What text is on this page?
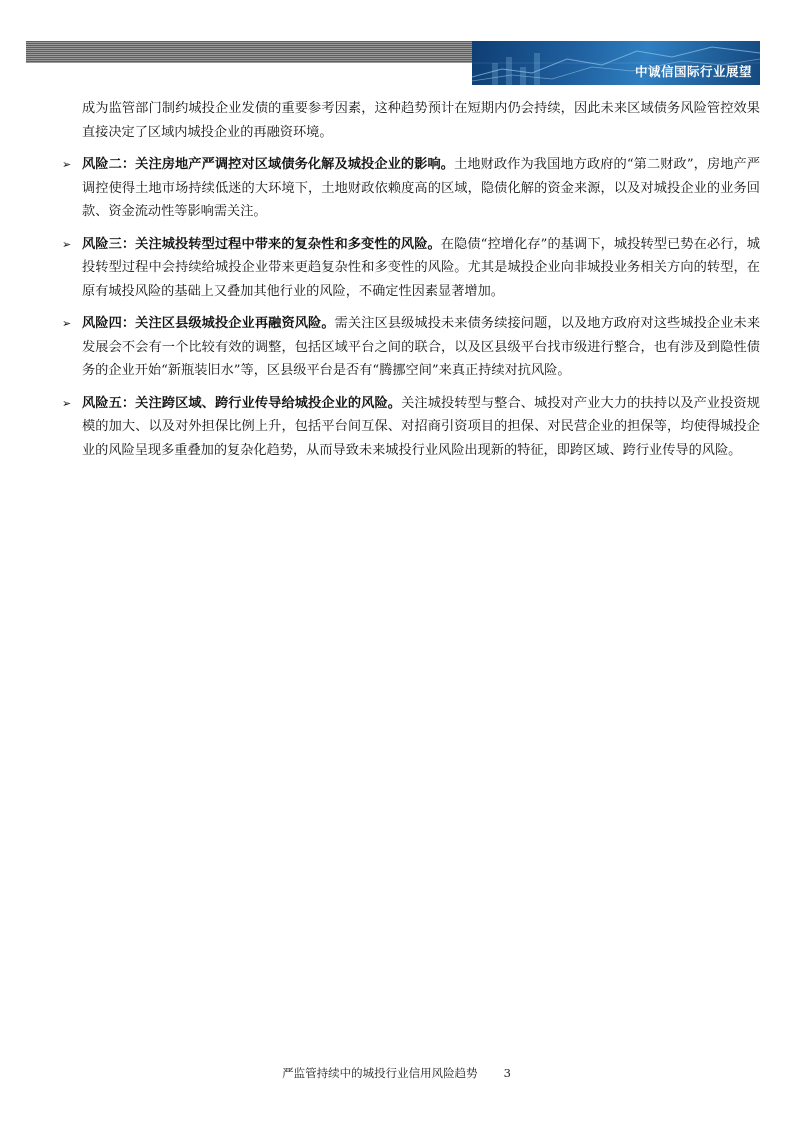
中诚信国际行业展望

成为监管部门制约城投企业发债的重要参考因素，这种趋势预计在短期内仍会持续，因此未来区域债务风险管控效果直接决定了区域内城投企业的再融资环境。

➢ 风险二：关注房地产严调控对区域债务化解及城投企业的影响。土地财政作为我国地方政府的“第二财政”，房地产严调控使得土地市场持续低迷的大环境下，土地财政依赖度高的区域，隐债化解的资金来源，以及对城投企业的业务回款、资金流动性等影响需关注。
➢ 风险三：关注城投转型过程中带来的复杂性和多变性的风险。在隐债“控增化存”的基调下，城投转型已势在必行，城投转型过程中会持续给城投企业带来更趋复杂性和多变性的风险。尤其是城投企业向非城投业务相关方向的转型，在原有城投风险的基础上又叠加其他行业的风险，不确定性因素显著增加。
➢ 风险四：关注区县级城投企业再融资风险。需关注区县级城投未来债务续接问题，以及地方政府对这些城投企业未来发展会不会有一个比较有效的调整，包括区域平台之间的联合，以及区县级平台找市级进行整合，也有涉及到隐性债务的企业开始“新瓶装旧水”等，区县级平台是否有“腾挪空间”来真正持续对抗风险。
➢ 风险五：关注跨区域、跨行业传导给城投企业的风险。关注城投转型与整合、城投对产业大力的扶持以及产业投资规模的加大、以及对外担保比例上升，包括平台间互保、对招商引资项目的担保、对民营企业的担保等，均使得城投企业的风险呈现多重叠加的复杂化趋势，从而导致未来城投行业风险出现新的特征，即跨区域、跨行业传导的风险。
严监管持续中的城投行业信用风险趋势 3
